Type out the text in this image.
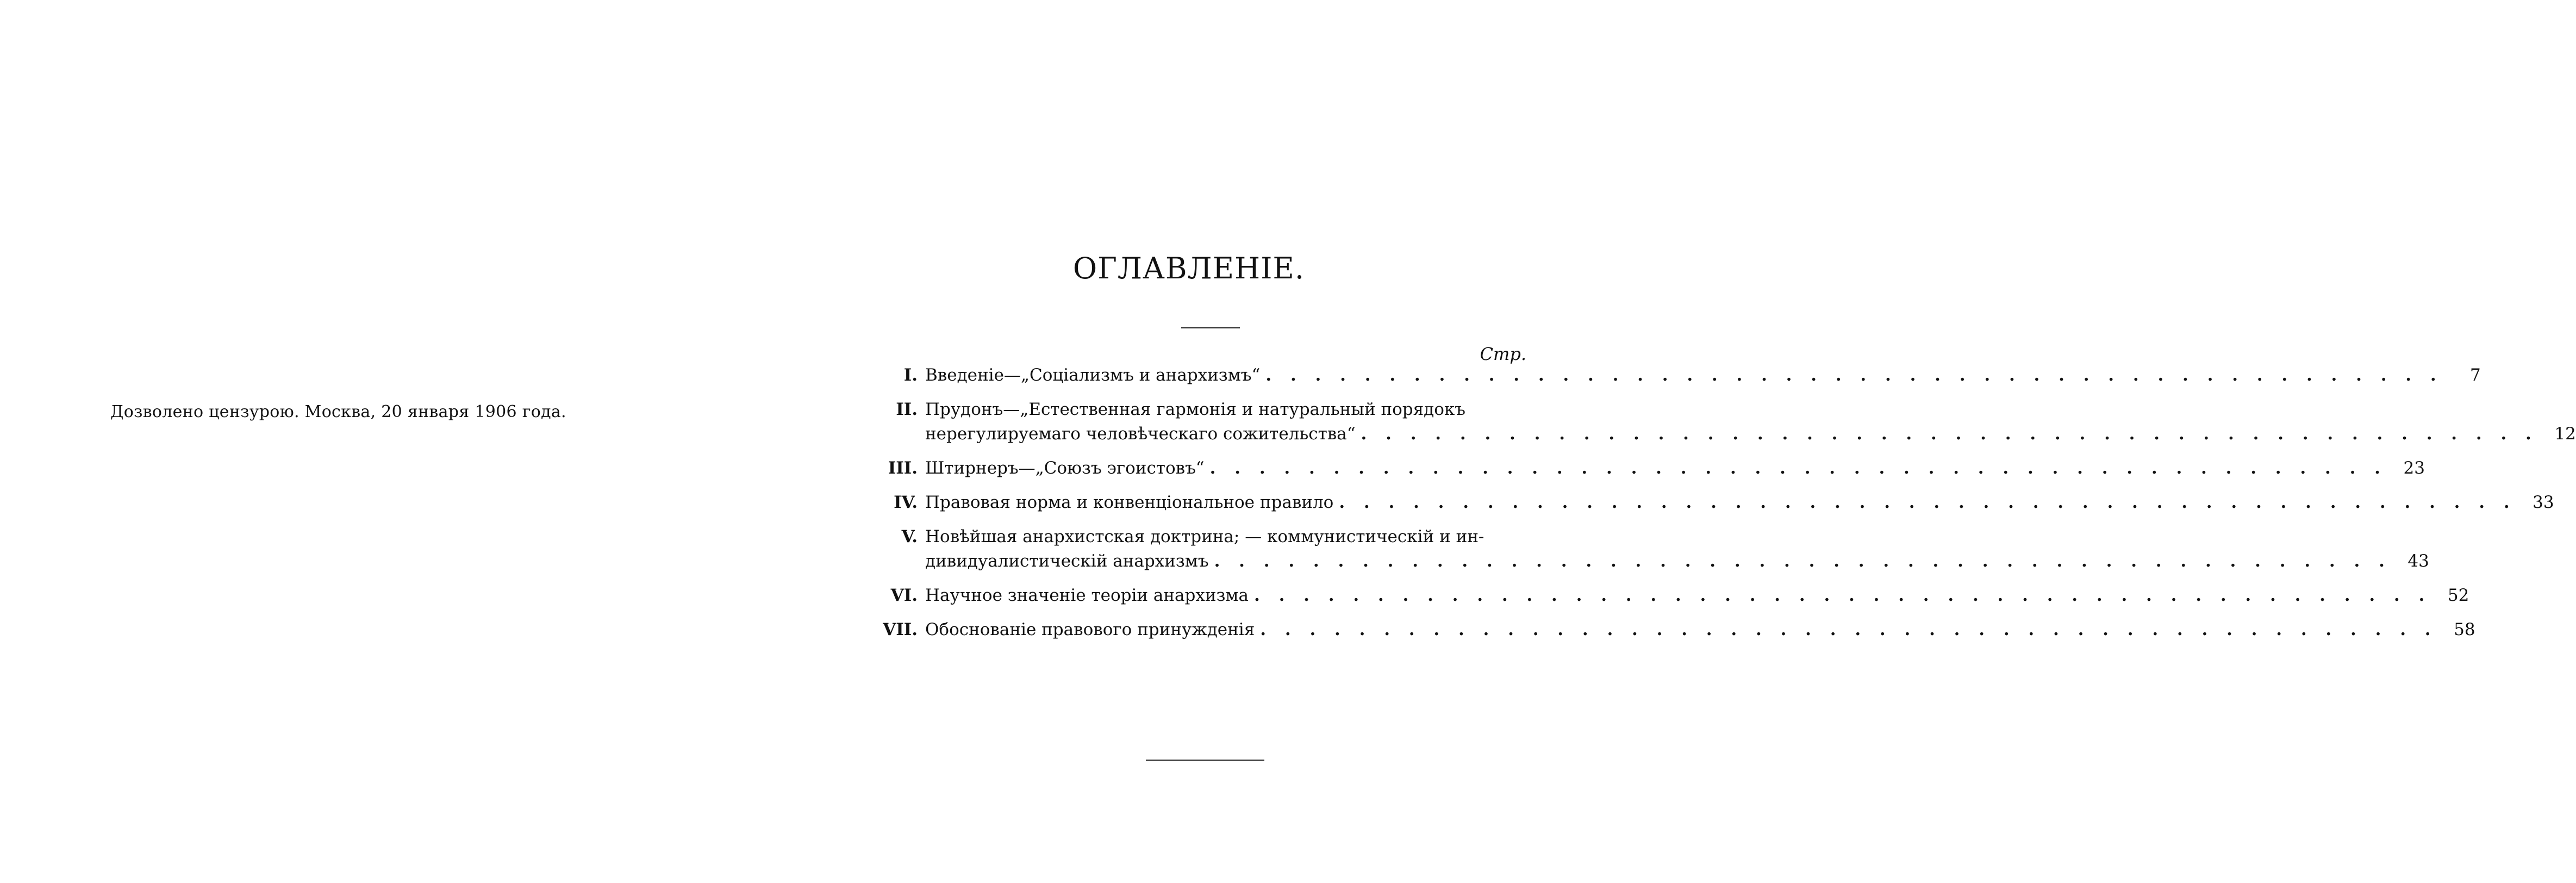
Дозволено цензурою. Москва, 20 января 1906 года.
ОГЛАВЛЕНІЕ.
Стр.
I. Введеніе—„Соціализмъ и анархизмъ“ . . .	7
II. Прудонъ—„Естественная гармонія и натуральный порядокъ
нерегулируемаго человѣческаго сожительства“ . . .	12
III. Штирнеръ—„Союзъ эгоистовъ“ . . .	23
IV. Правовая норма и конвенціональное правило . . .	33
V. Новѣйшая анархистская доктрина; — коммунистическій и ин-
дивидуалистическій анархизмъ . . .	43
VI. Научное значеніе теоріи анархизма . . .	52
VII. Обоснованіе правового принужденія . . .	58
